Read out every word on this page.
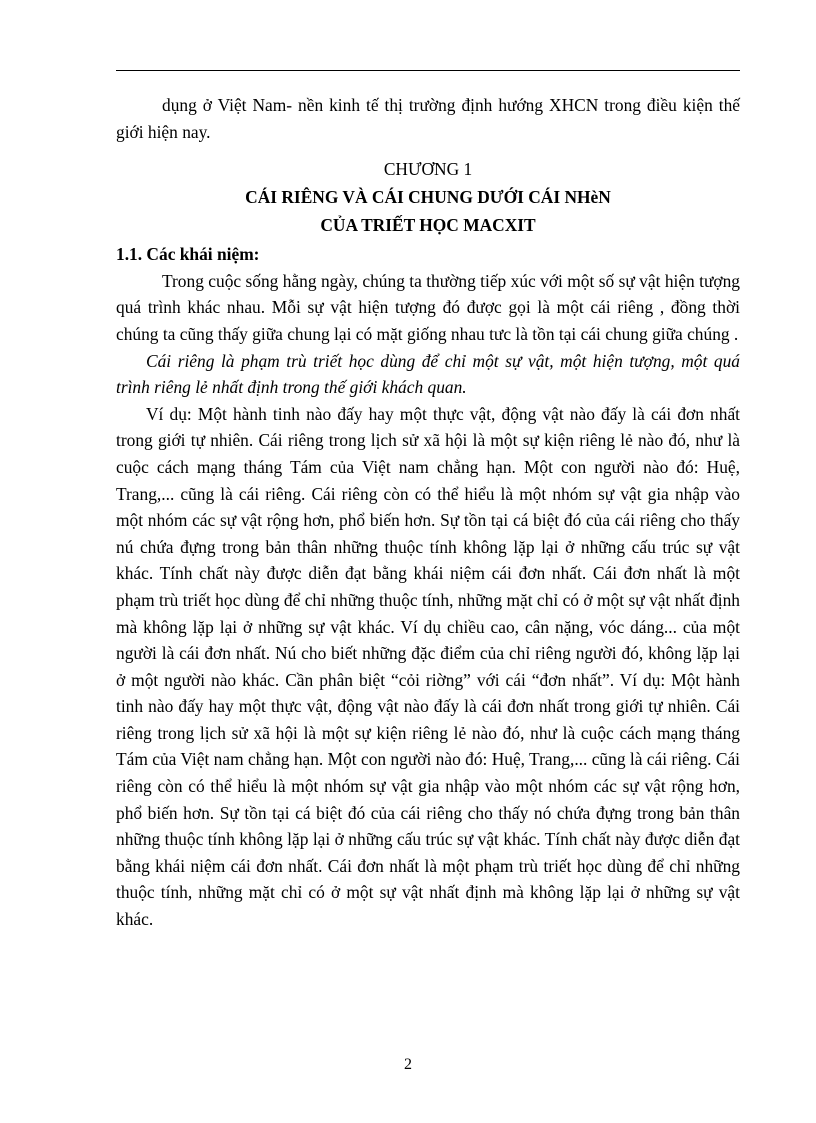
dụng ở Việt Nam- nền kinh tế thị trường định hướng XHCN trong điều kiện thế giới hiện nay.

CHƯƠNG 1

CÁI RIÊNG VÀ CÁI CHUNG DƯỚI CÁI NHèN

CỦA TRIẾT HỌC MACXIT

1.1. Các khái niệm:

Trong cuộc sống hằng ngày, chúng ta thường tiếp xúc với một số sự vật hiện tượng quá trình khác nhau. Mỗi sự vật hiện tượng đó được gọi là một cái riêng , đồng thời chúng ta cũng thấy giữa chung lại có mặt giống nhau tưc là tồn tại cái chung giữa chúng .

Cái riêng là phạm trù triết học dùng để chỉ một sự vật, một hiện tượng, một quá trình riêng lẻ nhất định trong thế giới khách quan.

Ví dụ: Một hành tinh nào đấy hay một thực vật, động vật nào đấy là cái đơn nhất trong giới tự nhiên. Cái riêng trong lịch sử xã hội là một sự kiện riêng lẻ nào đó, như là cuộc cách mạng tháng Tám của Việt nam chẳng hạn. Một con người nào đó: Huệ, Trang,... cũng là cái riêng. Cái riêng còn có thể hiểu là một nhóm sự vật gia nhập vào một nhóm các sự vật rộng hơn, phổ biến hơn. Sự tồn tại cá biệt đó của cái riêng cho thấy nú chứa đựng trong bản thân những thuộc tính không lặp lại ở những cấu trúc sự vật khác. Tính chất này được diễn đạt bằng khái niệm cái đơn nhất. Cái đơn nhất là một phạm trù triết học dùng để chỉ những thuộc tính, những mặt chỉ có ở một sự vật nhất định mà không lặp lại ở những sự vật khác. Ví dụ chiều cao, cân nặng, vóc dáng... của một người là cái đơn nhất. Nú cho biết những đặc điểm của chỉ riêng người đó, không lặp lại ở một người nào khác. Cần phân biệt “cỏi riờng” với cái “đơn nhất”. Ví dụ: Một hành tinh nào đấy hay một thực vật, động vật nào đấy là cái đơn nhất trong giới tự nhiên. Cái riêng trong lịch sử xã hội là một sự kiện riêng lẻ nào đó, như là cuộc cách mạng tháng Tám của Việt nam chẳng hạn. Một con người nào đó: Huệ, Trang,... cũng là cái riêng. Cái riêng còn có thể hiểu là một nhóm sự vật gia nhập vào một nhóm các sự vật rộng hơn, phổ biến hơn. Sự tồn tại cá biệt đó của cái riêng cho thấy nó chứa đựng trong bản thân những thuộc tính không lặp lại ở những cấu trúc sự vật khác. Tính chất này được diễn đạt bằng khái niệm cái đơn nhất. Cái đơn nhất là một phạm trù triết học dùng để chỉ những thuộc tính, những mặt chỉ có ở một sự vật nhất định mà không lặp lại ở những sự vật khác.

2
